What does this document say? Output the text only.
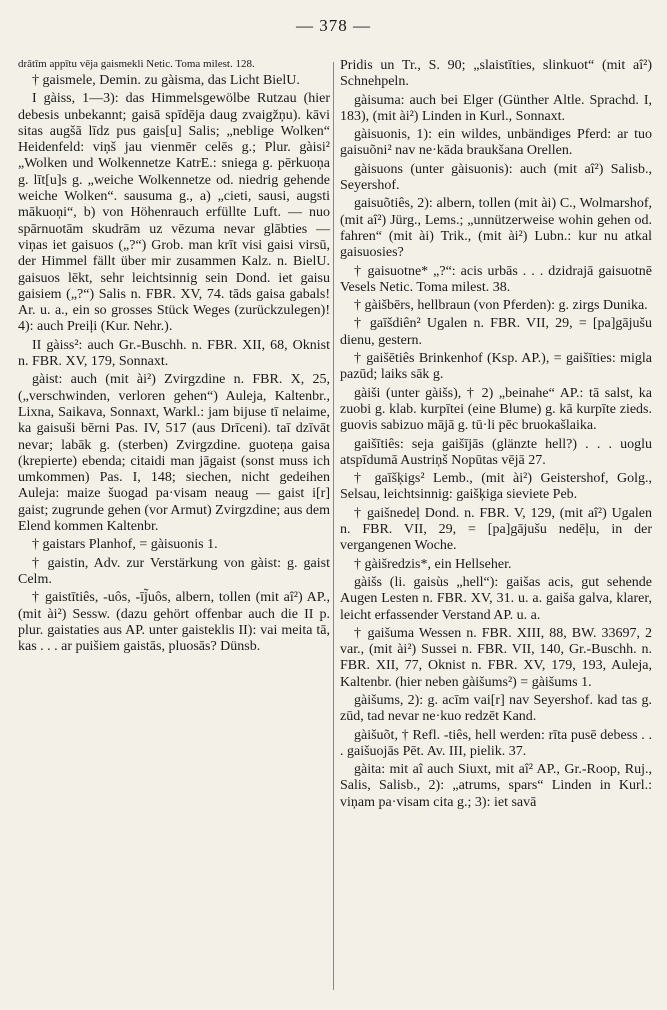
— 378 —

drātīm appītu vēja gaismekli Netic. Toma milest. 128.

† gaismele, Demin. zu gàisma, das Licht BielU.

I gàiss, 1—3): das Himmelsgewölbe Rutzau (hier debesis unbekannt; gaisā spīdēja daug zvaigžņu). kāvi sitas augšā līdz pus gais[u] Salis; „neblige Wolken“ Heidenfeld: viņš jau vienmēr celēs g.; Plur. gàisi² „Wolken und Wolkennetze KatrE.: sniega g. pērkuoņa g. līt[u]s g. „weiche Wolkennetze od. niedrig gehende weiche Wolken“. sausuma g., a) „cieti, sausi, augsti mākuoņi“, b) von Höhenrauch erfüllte Luft. — nuo spārnuotām skudrām uz vēzuma nevar glābties — viņas iet gaisuos („?“) Grob. man krīt visi gaisi virsū, der Himmel fällt über mir zusammen Kalz. n. BielU. gaisuos lēkt, sehr leichtsinnig sein Dond. iet gaisu gaisiem („?“) Salis n. FBR. XV, 74. tāds gaisa gabals! Ar. u. a., ein so grosses Stück Weges (zurückzulegen)! 4): auch Preiļi (Kur. Nehr.).

II gàiss²: auch Gr.-Buschh. n. FBR. XII, 68, Oknist n. FBR. XV, 179, Sonnaxt.

gàist: auch (mit ài²) Zvirgzdine n. FBR. X, 25, („verschwinden, verloren gehen“) Auleja, Kaltenbr., Lixna, Saikava, Sonnaxt, Warkl.: jam bijuse tī nelaime, ka gaisuši bērni Pas. IV, 517 (aus Drīceni). taī dzīvāt nevar; labāk g. (sterben) Zvirgzdine. guoteņa gaisa (krepierte) ebenda; citaidi man jāgaist (sonst muss ich umkommen) Pas. I, 148; siechen, nicht gedeihen Auleja: maize šuogad pa·visam neaug — gaist i[r] gaist; zugrunde gehen (vor Armut) Zvirgzdine; aus dem Elend kommen Kaltenbr.

† gaistars Planhof, = gàisuonis 1.

† gaistin, Adv. zur Verstärkung von gàist: g. gaist Celm.

† gaistītiês, -uôs, -īj̃uôs, albern, tollen (mit aî²) AP., (mit ài²) Sessw. (dazu gehört offenbar auch die II p. plur. gaistaties aus AP. unter gaisteklis II): vai meita tā, kas . . . ar puišiem gaistās, pluosās? Dünsb.

Pridis un Tr., S. 90; „slaistīties, slinkuot“ (mit aî²) Schnehpeln.

gàisuma: auch bei Elger (Günther Altle. Sprachd. I, 183), (mit ài²) Linden in Kurl., Sonnaxt.

gàisuonis, 1): ein wildes, unbändiges Pferd: ar tuo gaisuõni² nav ne·kāda braukšana Orellen.

gàisuons (unter gàisuonis): auch (mit aî²) Salisb., Seyershof.

gaisuõtiês, 2): albern, tollen (mit ài) C., Wolmarshof, (mit aî²) Jürg., Lems.; „unnützerweise wohin gehen od. fahren“ (mit ài) Trik., (mit ài²) Lubn.: kur nu atkal gaisuosies?

† gaisuotne* „?“: acis urbās . . . dzidrajā gaisuotnē Vesels Netic. Toma milest. 38.

† gàišbērs, hellbraun (von Pferden): g. zirgs Dunika.

† gaīšdiên² Ugalen n. FBR. VII, 29, = [pa]gājušu dienu, gestern.

† gaišētiês Brinkenhof (Ksp. AP.), = gaišīties: migla pazūd; laiks sāk g.

gàiši (unter gàišs), † 2) „beinahe“ AP.: tā salst, ka zuobi g. klab. kurpītei (eine Blume) g. kā kurpīte zieds. guovis sabizuo mājā g. tū·li pēc bruokašlaika.

gaišītiês: seja gaišījās (glänzte hell?) . . . uoglu atspīdumā Austriņš Nopūtas vējā 27.

† gaīšķigs² Lemb., (mit ài²) Geistershof, Golg., Selsau, leichtsinnig: gaišķiga sieviete Peb.

† gaišnedeļ Dond. n. FBR. V, 129, (mit aî²) Ugalen n. FBR. VII, 29, = [pa]gājušu nedēļu, in der vergangenen Woche.

† gàišredzis*, ein Hellseher.

gàišs (li. gaisùs „hell“): gaišas acis, gut sehende Augen Lesten n. FBR. XV, 31. u. a. gaiša galva, klarer, leicht erfassender Verstand AP. u. a.

† gaišuma Wessen n. FBR. XIII, 88, BW. 33697, 2 var., (mit ài²) Sussei n. FBR. VII, 140, Gr.-Buschh. n. FBR. XII, 77, Oknist n. FBR. XV, 179, 193, Auleja, Kaltenbr. (hier neben gàišums²) = gàišums 1.

gàišums, 2): g. acīm vai[r] nav Seyershof. kad tas g. zūd, tad nevar ne·kuo redzēt Kand.

gàišuõt, † Refl. -tiês, hell werden: rīta pusē debess . . . gaišuojās Pēt. Av. III, pielik. 37.

gàita: mit aî auch Siuxt, mit aî² AP., Gr.-Roop, Ruj., Salis, Salisb., 2): „atrums, spars“ Linden in Kurl.: viņam pa·visam cita g.; 3): iet savā
